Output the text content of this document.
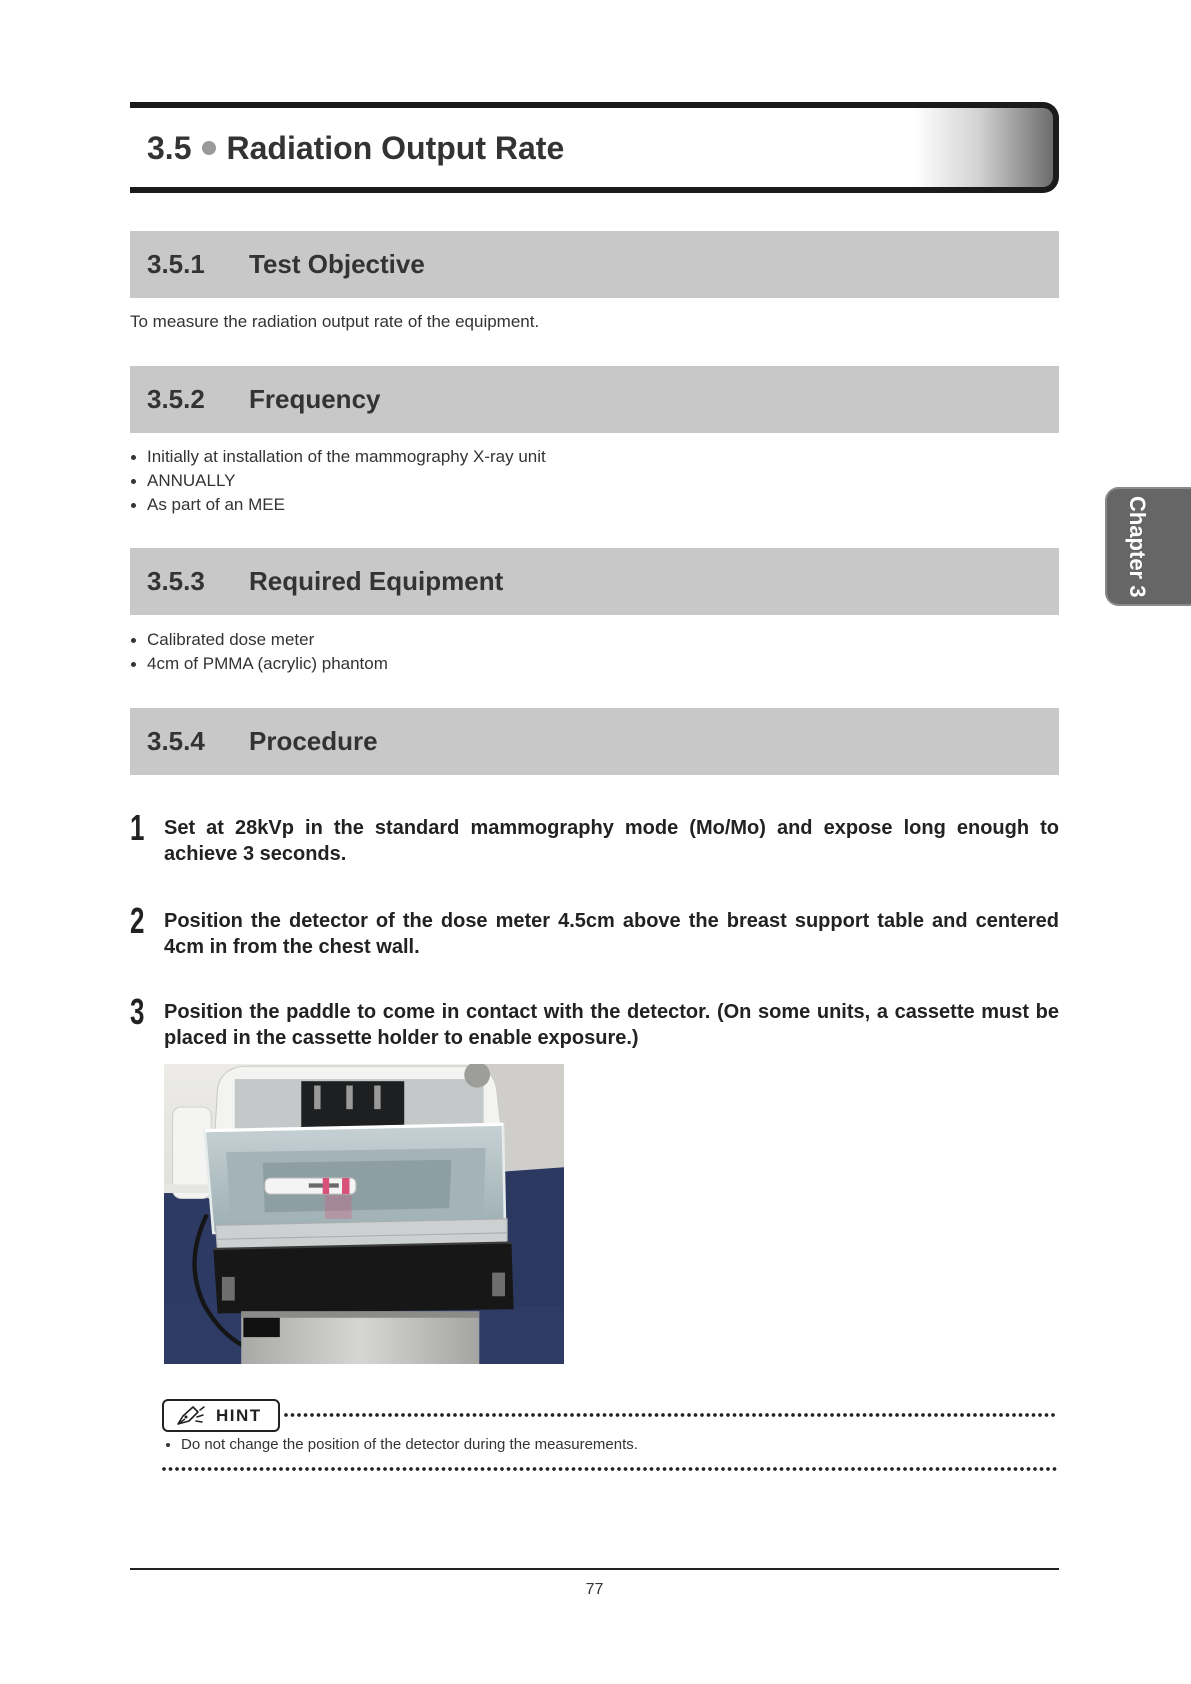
3.5 Radiation Output Rate
3.5.1 Test Objective
To measure the radiation output rate of the equipment.
3.5.2 Frequency
Initially at installation of the mammography X-ray unit
ANNUALLY
As part of an MEE
3.5.3 Required Equipment
Calibrated dose meter
4cm of PMMA (acrylic) phantom
3.5.4 Procedure
1 Set at 28kVp in the standard mammography mode (Mo/Mo) and expose long enough to achieve 3 seconds.
2 Position the detector of the dose meter 4.5cm above the breast support table and centered 4cm in from the chest wall.
3 Position the paddle to come in contact with the detector. (On some units, a cassette must be placed in the cassette holder to enable exposure.)
HINT
Do not change the position of the detector during the measurements.
77
Chapter 3
